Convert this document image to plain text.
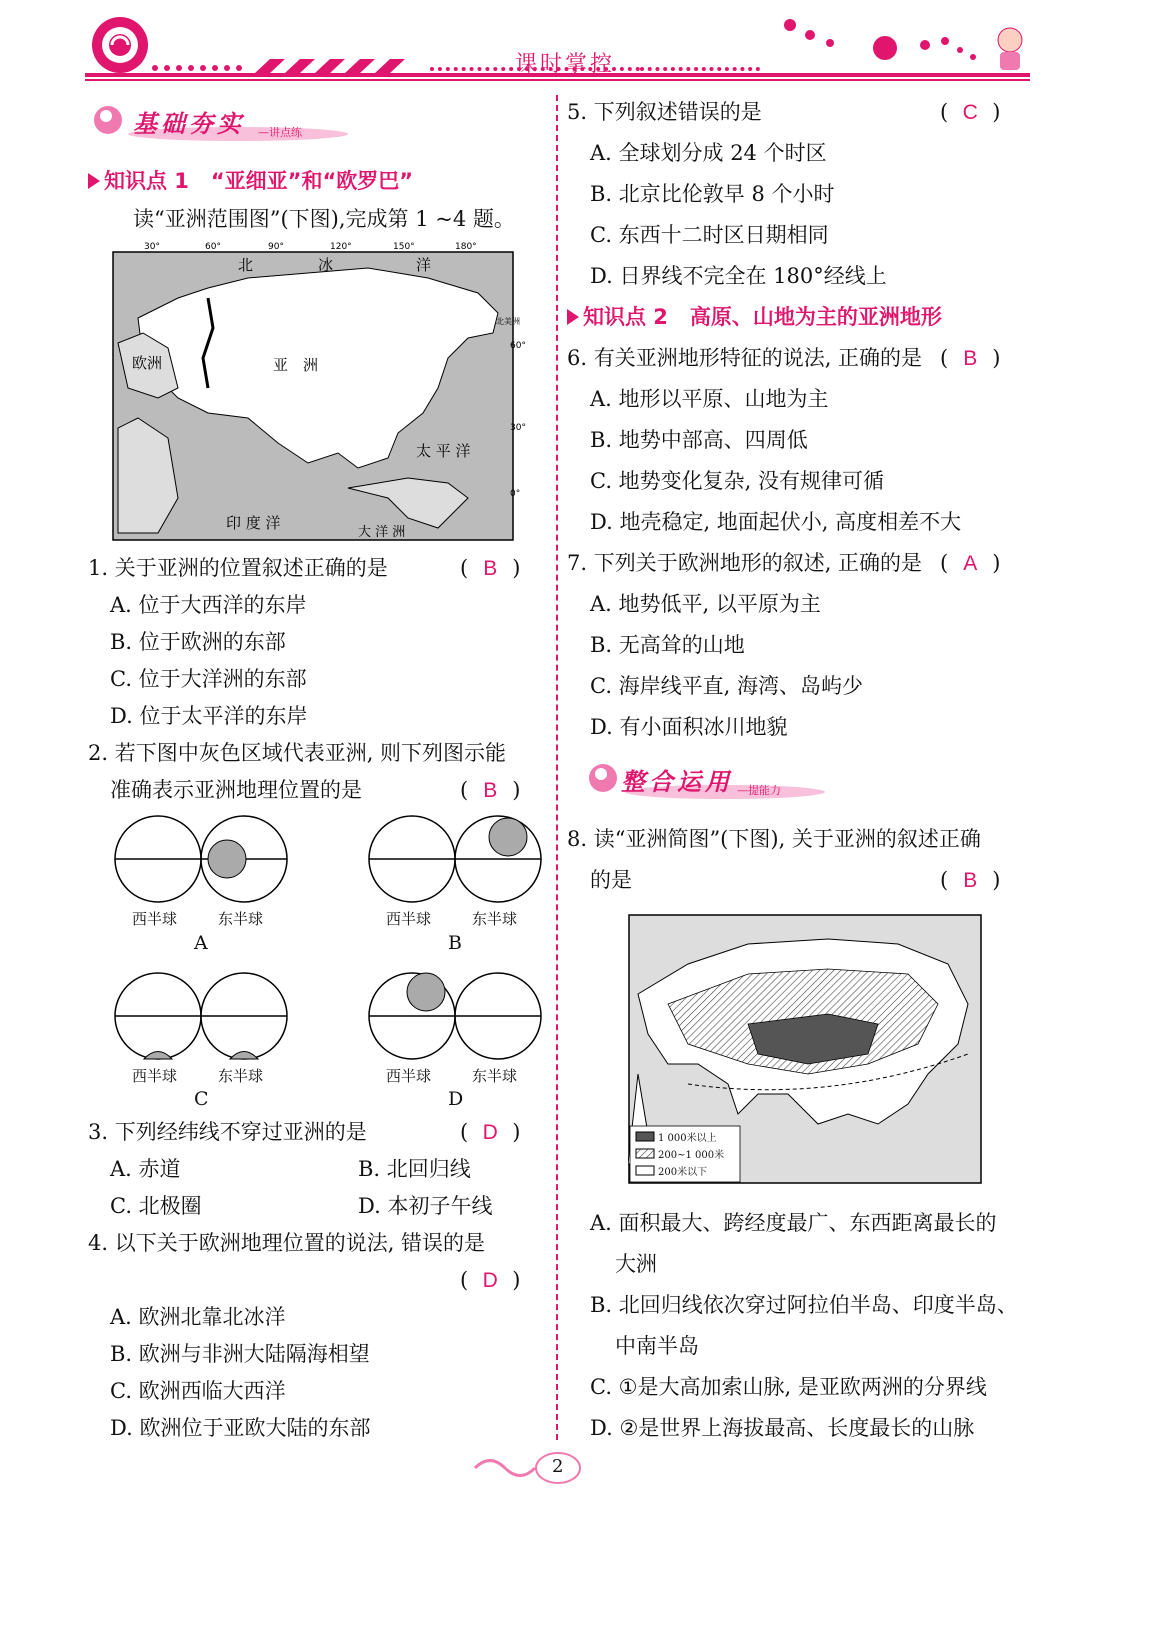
课时掌控
基础夯实 —讲点练
知识点 1 “亚细亚”和“欧罗巴”
读“亚洲范围图”(下图),完成第 1 ~4 题。
30°	60°	90°	120°	150°	180°
60°
30°
0°
北	冰	洋
欧洲	亚　洲
太 平 洋
印 度 洋
大 洋 洲
北美洲
1. 关于亚洲的位置叙述正确的是	( B )
A. 位于大西洋的东岸
B. 位于欧洲的东部
C. 位于大洋洲的东部
D. 位于太平洋的东岸
2. 若下图中灰色区域代表亚洲, 则下列图示能
准确表示亚洲地理位置的是	( B )
西半球	东半球	西半球	东半球
A	B
西半球	东半球	西半球	东半球
C	D
3. 下列经纬线不穿过亚洲的是	( D )
A. 赤道	B. 北回归线
C. 北极圈	D. 本初子午线
4. 以下关于欧洲地理位置的说法, 错误的是
( D )
A. 欧洲北靠北冰洋
B. 欧洲与非洲大陆隔海相望
C. 欧洲西临大西洋
D. 欧洲位于亚欧大陆的东部
5. 下列叙述错误的是	( C )
A. 全球划分成 24 个时区
B. 北京比伦敦早 8 个小时
C. 东西十二时区日期相同
D. 日界线不完全在 180°经线上
知识点 2 高原、山地为主的亚洲地形
6. 有关亚洲地形特征的说法, 正确的是 ( B )
A. 地形以平原、山地为主
B. 地势中部高、四周低
C. 地势变化复杂, 没有规律可循
D. 地壳稳定, 地面起伏小, 高度相差不大
7. 下列关于欧洲地形的叙述, 正确的是 ( A )
A. 地势低平, 以平原为主
B. 无高耸的山地
C. 海岸线平直, 海湾、岛屿少
D. 有小面积冰川地貌
整合运用 —提能力
8. 读“亚洲简图”(下图), 关于亚洲的叙述正确
的是	( B )
1 000米以上
200~1 000米
200米以下
A. 面积最大、跨经度最广、东西距离最长的
大洲
B. 北回归线依次穿过阿拉伯半岛、印度半岛、
中南半岛
C. ①是大高加索山脉, 是亚欧两洲的分界线
D. ②是世界上海拔最高、长度最长的山脉
2
